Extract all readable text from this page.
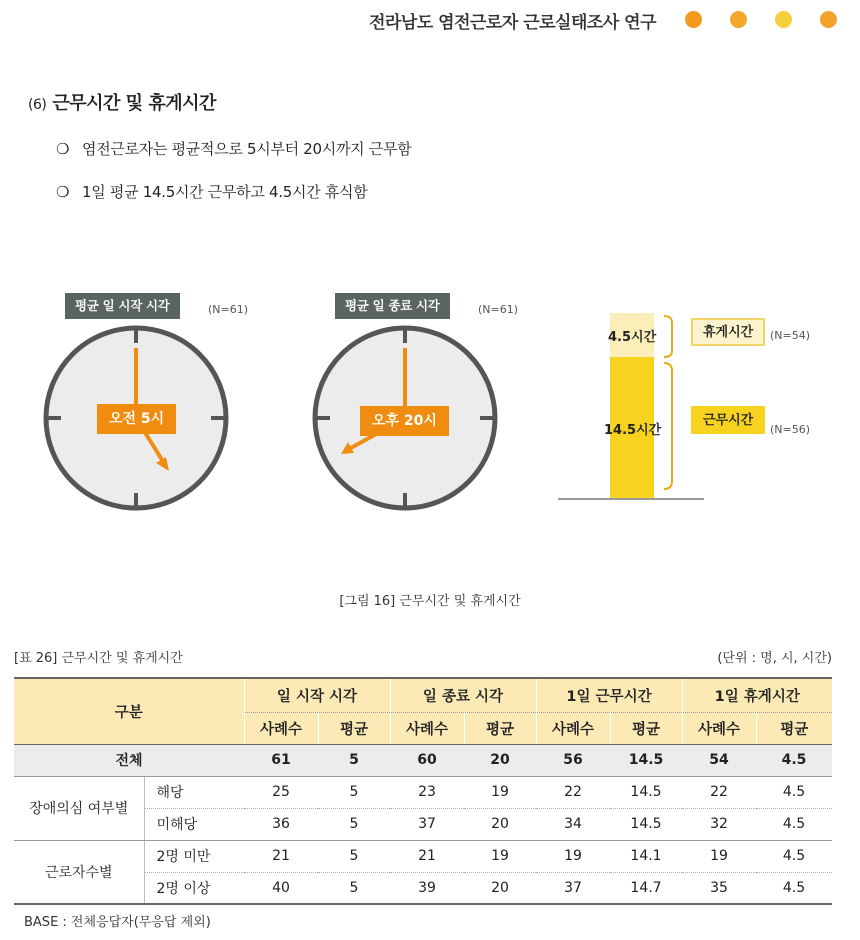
전라남도 염전근로자 근로실태조사 연구
(6) 근무시간 및 휴게시간
❍ 염전근로자는 평균적으로 5시부터 20시까지 근무함
❍ 1일 평균 14.5시간 근무하고 4.5시간 휴식함
평균 일 시작 시각	(N=61)
오전 5시
평균 일 종료 시각	(N=61)
오후 20시
4.5시간
14.5시간
휴게시간	(N=54)
근무시간
(N=56)
[그림 16] 근무시간 및 휴게시간
[표 26] 근무시간 및 휴게시간	(단위 : 명, 시, 시간)
구분		일 시작 시각		일 종료 시각		1일 근무시간		1일 휴게시간	
		사례수	평균	사례수	평균	사례수	평균	사례수	평균
전체		61	5	60	20	56	14.5	54	4.5
장애의심 여부별	해당	25	5	23	19	22	14.5	22	4.5
	미해당	36	5	37	20	34	14.5	32	4.5
근로자수별	2명 미만	21	5	21	19	19	14.1	19	4.5
	2명 이상	40	5	39	20	37	14.7	35	4.5
BASE : 전체응답자(무응답 제외)
